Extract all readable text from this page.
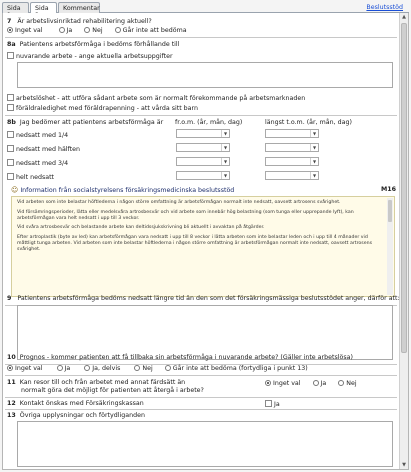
Sida	Sida	Kommentar	Beslutsstöd
▲
▼
7 Är arbetslivsinriktad rehabilitering aktuell?
Inget val	Ja	Nej	Går inte att bedöma
8a Patientens arbetsförmåga i bedöms förhållande till
nuvarande arbete - ange aktuella arbetsuppgifter
arbetslöshet - att utföra sådant arbete som är normalt förekommande på arbetsmarknaden
föräldraledighet med föräldrapenning - att vårda sitt barn
8b Jag bedömer att patientens arbetsförmåga är fr.o.m. (år, mån, dag)	längst t.o.m. (år, mån, dag)
nedsatt med 1/4	▼	▼
nedsatt med hälften	▼	▼
nedsatt med 3/4	▼	▼
helt nedsatt	▼	▼
☺ Information från socialstyrelsens försäkringsmedicinska beslutsstöd	M16

Vid arbeten som inte belastar höftlederna i någon större omfattning är arbetsförmågan normalt inte nedsatt, oavsett artrosens svårighet.

Vid försämringsperioder, lätta eller medelsvåra artrosbesvär och vid arbete som innebär hög belastning (som tunga eller upprepande lyft), kan arbetsförmågan vara helt nedsatt i upp till 3 veckor.

Vid svåra artrosbesvär och belastande arbete kan deltidssjukskrivning bli aktuellt i avvaktan på åtgärder.

Efter artroplastik (byte av led) kan arbetsförmågan vara nedsatt i upp till 8 veckor i lätta arbeten som inte belastar leden och i upp till 4 månader vid måttligt tunga arbeten. Vid arbeten som inte belastar höftlederna i någon större omfattning är arbetsförmågan normalt inte nedsatt, oavsett artrosens svårighet.

9 Patientens arbetsförmåga bedöms nedsatt längre tid än den som det försäkringsmässiga beslutsstödet anger, därför att:
10 Prognos - kommer patienten att få tillbaka sin arbetsförmåga i nuvarande arbete? (Gäller inte arbetslösa)
Inget val	Ja	Ja, delvis	Nej	Går inte att bedöma (fortydliga i punkt 13)
11 Kan resor till och från arbetet med annat färdsätt än
normalt göra det möjligt för patienten att återgå i arbete?
Inget val	Ja	Nej
12 Kontakt önskas med Försäkringskassan	Ja
13 Övriga upplysningar och förtydliganden
